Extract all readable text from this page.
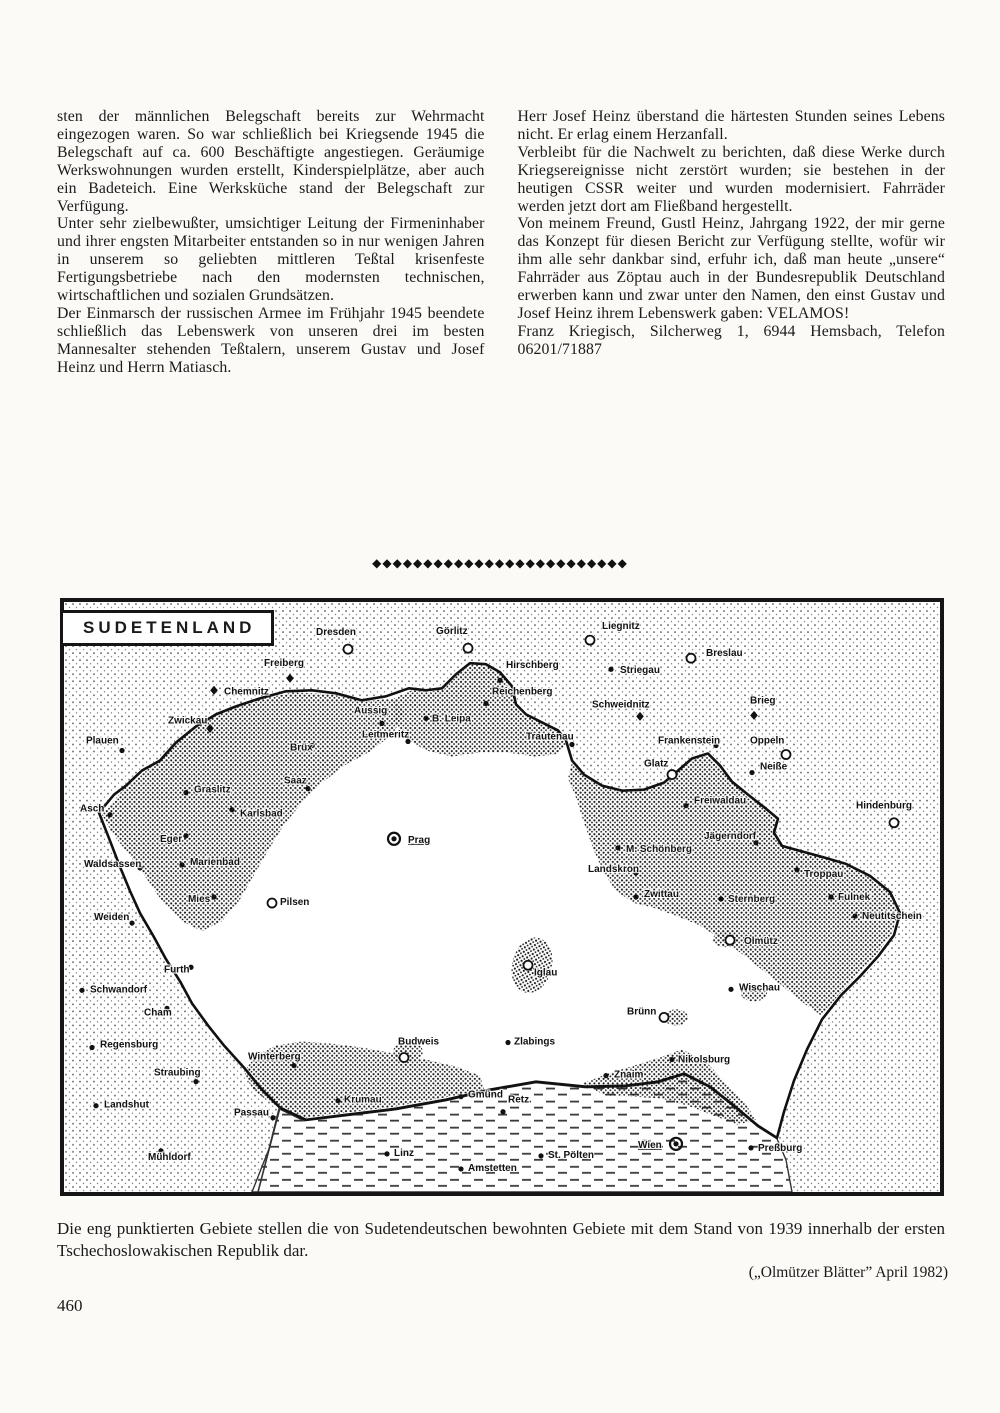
sten der männlichen Belegschaft bereits zur Wehrmacht eingezogen waren. So war schließlich bei Kriegsende 1945 die Belegschaft auf ca. 600 Beschäftigte angestiegen. Geräumige Werkswohnungen wurden erstellt, Kinderspielplätze, aber auch ein Badeteich. Eine Werksküche stand der Belegschaft zur Verfügung.

Unter sehr zielbewußter, umsichtiger Leitung der Firmeninhaber und ihrer engsten Mitarbeiter entstanden so in nur wenigen Jahren in unserem so geliebten mittleren Teßtal krisenfeste Fertigungsbetriebe nach den modernsten technischen, wirtschaftlichen und sozialen Grundsätzen.

Der Einmarsch der russischen Armee im Frühjahr 1945 beendete schließlich das Lebenswerk von unseren drei im besten Mannesalter stehenden Teßtalern, unserem Gustav und Josef Heinz und Herrn Matiasch.

Herr Josef Heinz überstand die härtesten Stunden seines Lebens nicht. Er erlag einem Herzanfall.

Verbleibt für die Nachwelt zu berichten, daß diese Werke durch Kriegsereignisse nicht zerstört wurden; sie bestehen in der heutigen CSSR weiter und wurden modernisiert. Fahrräder werden jetzt dort am Fließband hergestellt.

Von meinem Freund, Gustl Heinz, Jahrgang 1922, der mir gerne das Konzept für diesen Bericht zur Verfügung stellte, wofür wir ihm alle sehr dankbar sind, erfuhr ich, daß man heute „unsere“ Fahrräder aus Zöptau auch in der Bundesrepublik Deutschland erwerben kann und zwar unter den Namen, den einst Gustav und Josef Heinz ihrem Lebenswerk gaben: VELAMOS!

Franz Kriegisch, Silcherweg 1, 6944 Hemsbach, Telefon 06201/71887

◆◆◆◆◆◆◆◆◆◆◆◆◆◆◆◆◆◆◆◆◆◆◆◆◆
Dresden	Görlitz	Liegnitz
Breslau
Freiberg	Hirschberg	Striegau
Chemnitz	Reichenberg
Schweidnitz	Brieg
Zwickau
Aussig
B. Leipa
Trautenau	Frankenstein	Oppeln
Plauen
Brüx
Leitmeritz
Glatz	Neiße
Graslitz
Saaz
Freiwaldau	Hindenburg
Asch	Karlsbad
Jägerndorf
Eger	Prag
M. Schönberg
Waldsassen	Marienbad
Landskron	Troppau
Mies	Pilsen
Zwittau	Sternberg	Fulnek
Neutitschein
Weiden
Olmütz
Furth	Iglau
Schwandorf	Wischau
Cham	Brünn
Regensburg	Budweis	Zlabings
Winterberg	Nikolsburg
Straubing	Znaim
Landshut	Krumau	Gmünd Retz
Passau
Mühldorf	Linz	St. Pölten
Wien	Preßburg
Amstetten
SUDETENLAND
Die eng punktierten Gebiete stellen die von Sudetendeutschen bewohnten Gebiete mit dem Stand von 1939 innerhalb der ersten Tschechoslowakischen Republik dar.
(„Olmützer Blätter” April 1982)
460
